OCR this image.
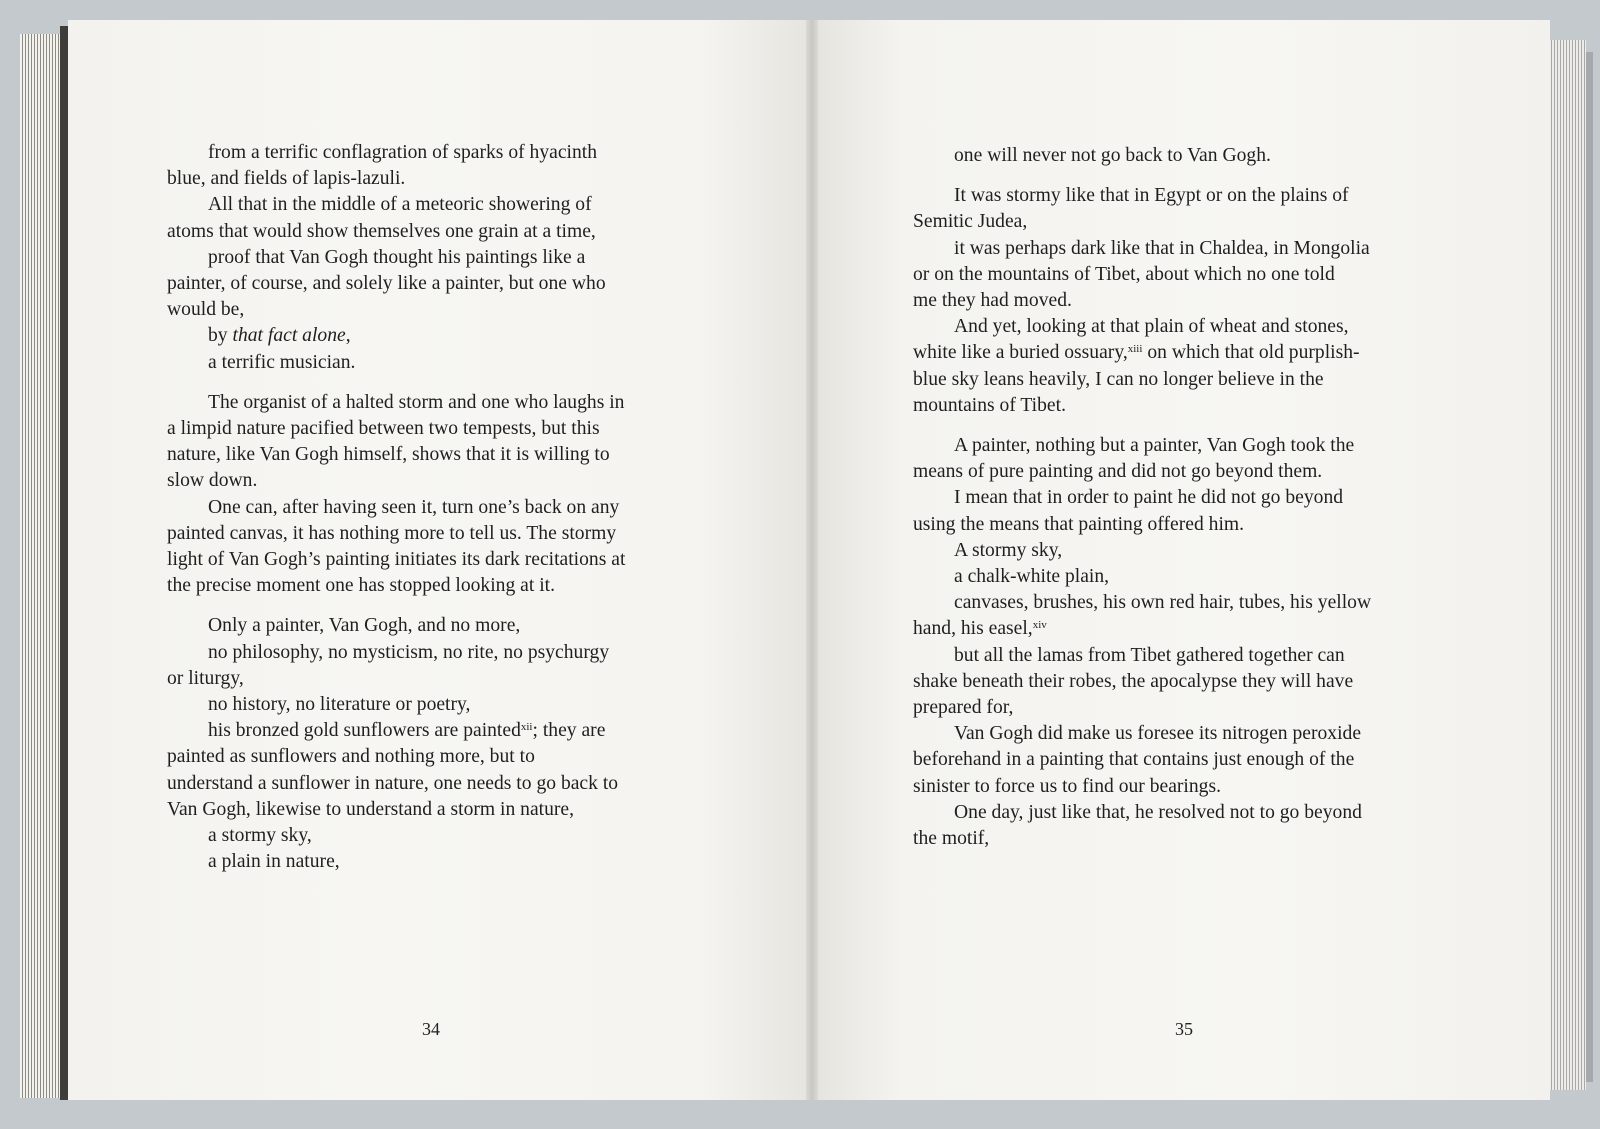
from a terrific conflagration of sparks of hyacinth
blue, and fields of lapis-lazuli.
All that in the middle of a meteoric showering of
atoms that would show themselves one grain at a time,
proof that Van Gogh thought his paintings like a
painter, of course, and solely like a painter, but one who
would be,
by that fact alone,
a terrific musician.
The organist of a halted storm and one who laughs in
a limpid nature pacified between two tempests, but this
nature, like Van Gogh himself, shows that it is willing to
slow down.
One can, after having seen it, turn one’s back on any
painted canvas, it has nothing more to tell us. The stormy
light of Van Gogh’s painting initiates its dark recitations at
the precise moment one has stopped looking at it.
Only a painter, Van Gogh, and no more,
no philosophy, no mysticism, no rite, no psychurgy
or liturgy,
no history, no literature or poetry,
his bronzed gold sunflowers are painted$^{xii}$; they are
painted as sunflowers and nothing more, but to
understand a sunflower in nature, one needs to go back to
Van Gogh, likewise to understand a storm in nature,
a stormy sky,
a plain in nature,
one will never not go back to Van Gogh.
It was stormy like that in Egypt or on the plains of
Semitic Judea,
it was perhaps dark like that in Chaldea, in Mongolia
or on the mountains of Tibet, about which no one told
me they had moved.
And yet, looking at that plain of wheat and stones,
white like a buried ossuary,$^{xiii}$ on which that old purplish-
blue sky leans heavily, I can no longer believe in the
mountains of Tibet.
A painter, nothing but a painter, Van Gogh took the
means of pure painting and did not go beyond them.
I mean that in order to paint he did not go beyond
using the means that painting offered him.
A stormy sky,
a chalk-white plain,
canvases, brushes, his own red hair, tubes, his yellow
hand, his easel,$^{xiv}$
but all the lamas from Tibet gathered together can
shake beneath their robes, the apocalypse they will have
prepared for,
Van Gogh did make us foresee its nitrogen peroxide
beforehand in a painting that contains just enough of the
sinister to force us to find our bearings.
One day, just like that, he resolved not to go beyond
the motif,
34	35
